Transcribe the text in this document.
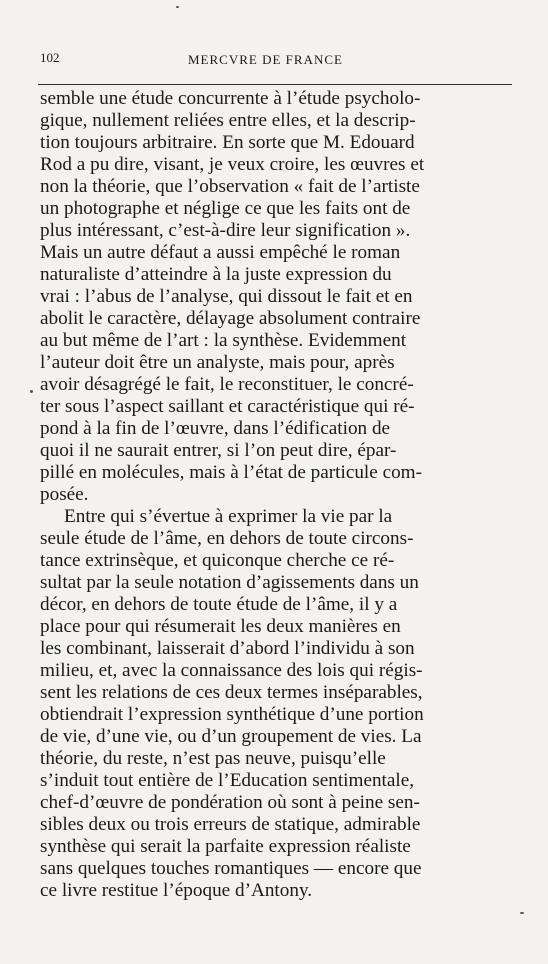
102	MERCVRE DE FRANCE
semble une étude concurrente à l’étude psycholo-
gique, nullement reliées entre elles, et la descrip-
tion toujours arbitraire. En sorte que M. Edouard
Rod a pu dire, visant, je veux croire, les œuvres et
non la théorie, que l’observation « fait de l’artiste
un photographe et néglige ce que les faits ont de
plus intéressant, c’est-à-dire leur signification ».
Mais un autre défaut a aussi empêché le roman
naturaliste d’atteindre à la juste expression du
vrai : l’abus de l’analyse, qui dissout le fait et en
abolit le caractère, délayage absolument contraire
au but même de l’art : la synthèse. Evidemment
l’auteur doit être un analyste, mais pour, après
avoir désagrégé le fait, le reconstituer, le concré-
ter sous l’aspect saillant et caractéristique qui ré-
pond à la fin de l’œuvre, dans l’édification de
quoi il ne saurait entrer, si l’on peut dire, épar-
pillé en molécules, mais à l’état de particule com-
posée.
Entre qui s’évertue à exprimer la vie par la
seule étude de l’âme, en dehors de toute circons-
tance extrinsèque, et quiconque cherche ce ré-
sultat par la seule notation d’agissements dans un
décor, en dehors de toute étude de l’âme, il y a
place pour qui résumerait les deux manières en
les combinant, laisserait d’abord l’individu à son
milieu, et, avec la connaissance des lois qui régis-
sent les relations de ces deux termes inséparables,
obtiendrait l’expression synthétique d’une portion
de vie, d’une vie, ou d’un groupement de vies. La
théorie, du reste, n’est pas neuve, puisqu’elle
s’induit tout entière de l’Education sentimentale,
chef-d’œuvre de pondération où sont à peine sen-
sibles deux ou trois erreurs de statique, admirable
synthèse qui serait la parfaite expression réaliste
sans quelques touches romantiques — encore que
ce livre restitue l’époque d’Antony.
